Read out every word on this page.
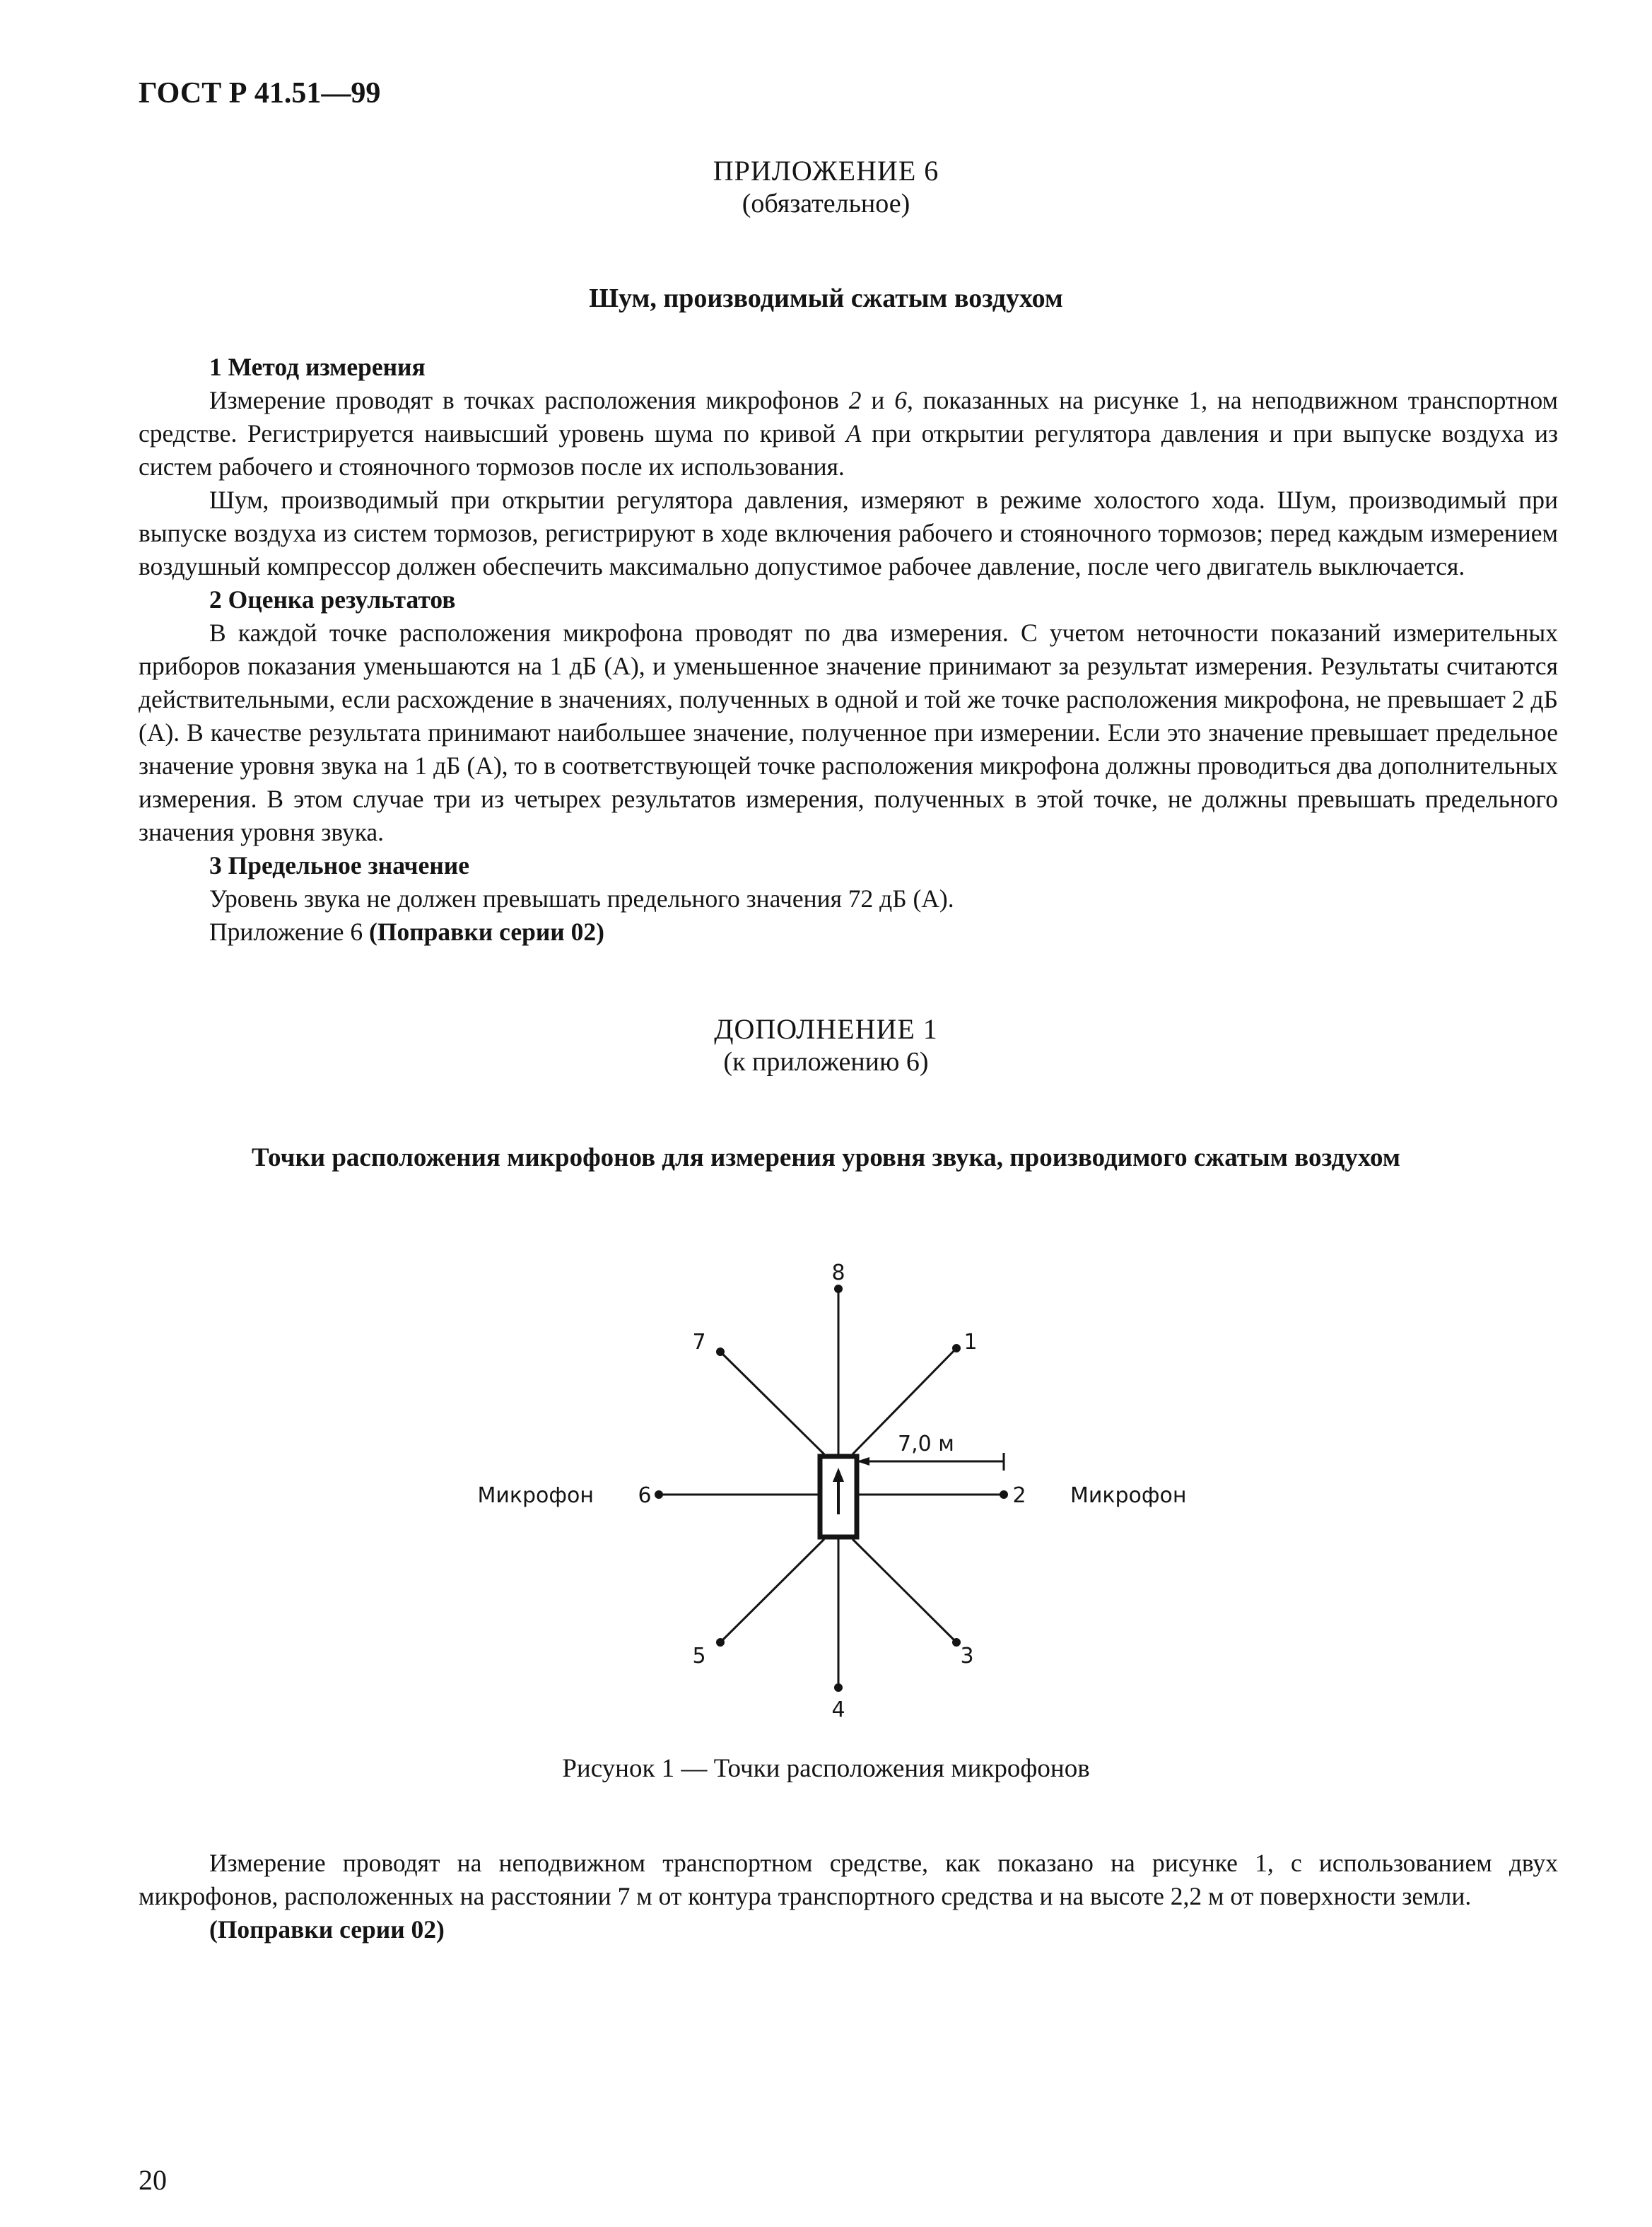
ГОСТ Р 41.51—99

ПРИЛОЖЕНИЕ 6

(обязательное)

Шум, производимый сжатым воздухом

1 Метод измерения

Измерение проводят в точках расположения микрофонов 2 и 6, показанных на рисунке 1, на неподвижном транспортном средстве. Регистрируется наивысший уровень шума по кривой A при открытии регулятора давления и при выпуске воздуха из систем рабочего и стояночного тормозов после их использования.

Шум, производимый при открытии регулятора давления, измеряют в режиме холостого хода. Шум, производимый при выпуске воздуха из систем тормозов, регистрируют в ходе включения рабочего и стояночного тормозов; перед каждым измерением воздушный компрессор должен обеспечить максимально допустимое рабочее давление, после чего двигатель выключается.

2 Оценка результатов

В каждой точке расположения микрофона проводят по два измерения. С учетом неточности показаний измерительных приборов показания уменьшаются на 1 дБ (А), и уменьшенное значение принимают за результат измерения. Результаты считаются действительными, если расхождение в значениях, полученных в одной и той же точке расположения микрофона, не превышает 2 дБ (А). В качестве результата принимают наибольшее значение, полученное при измерении. Если это значение превышает предельное значение уровня звука на 1 дБ (А), то в соответствующей точке расположения микрофона должны проводиться два дополнительных измерения. В этом случае три из четырех результатов измерения, полученных в этой точке, не должны превышать предельного значения уровня звука.

3 Предельное значение

Уровень звука не должен превышать предельного значения 72 дБ (А).

Приложение 6 (Поправки серии 02)

ДОПОЛНЕНИЕ 1

(к приложению 6)

Точки расположения микрофонов для измерения уровня звука, производимого сжатым воздухом

8
1
7
2
6
3
5
4
7,0 м
Микрофон	Микрофон

Рисунок 1 — Точки расположения микрофонов

Измерение проводят на неподвижном транспортном средстве, как показано на рисунке 1, с использованием двух микрофонов, расположенных на расстоянии 7 м от контура транспортного средства и на высоте 2,2 м от поверхности земли.

(Поправки серии 02)

20
